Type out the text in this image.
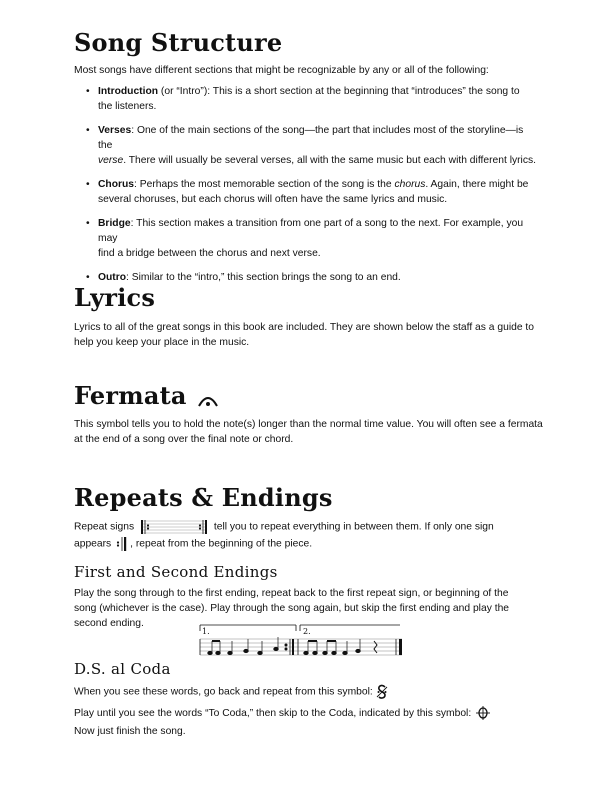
Song Structure

Most songs have different sections that might be recognizable by any or all of the following:

• Introduction (or “Intro”): This is a short section at the beginning that “introduces” the song to
the listeners.
• Verses: One of the main sections of the song—the part that includes most of the storyline—is the
verse. There will usually be several verses, all with the same music but each with different lyrics.
• Chorus: Perhaps the most memorable section of the song is the chorus. Again, there might be
several choruses, but each chorus will often have the same lyrics and music.
• Bridge: This section makes a transition from one part of a song to the next. For example, you may
find a bridge between the chorus and next verse.
• Outro: Similar to the “intro,” this section brings the song to an end.
Lyrics

Lyrics to all of the great songs in this book are included. They are shown below the staff as a guide to
help you keep your place in the music.

Fermata

This symbol tells you to hold the note(s) longer than the normal time value. You will often see a fermata
at the end of a song over the final note or chord.

Repeats & Endings
Repeat signs	tell you to repeat everything in between them. If only one sign
appears , repeat from the beginning of the piece.
First and Second Endings

Play the song through to the first ending, repeat back to the first repeat sign, or beginning of the
song (whichever is the case). Play through the song again, but skip the first ending and play the
second ending.

1.	2.
D.S. al Coda
When you see these words, go back and repeat from this symbol:
Play until you see the words “To Coda,” then skip to the Coda, indicated by this symbol:
Now just finish the song.
